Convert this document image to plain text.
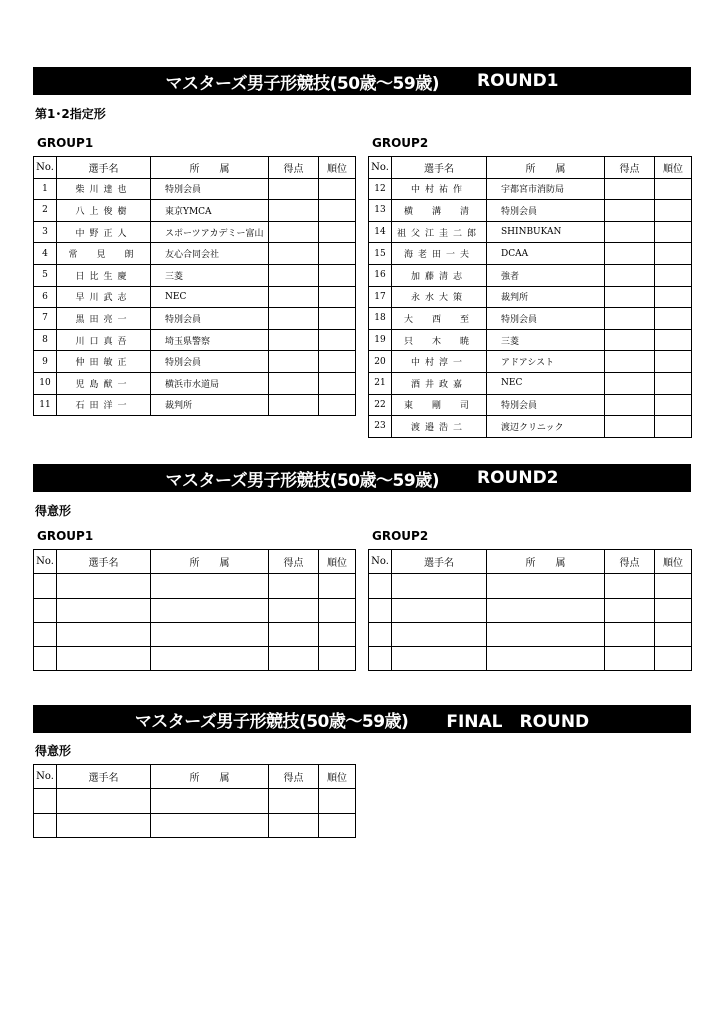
マスターズ男子形競技(50歳～59歳) ROUND1
第1･2指定形
GROUP1	GROUP2
No.	選手名	所　　属	得点	順位
1	柴川達也	特別会員		
2	八上俊樹	東京YMCA		
3	中野正人	スポーツアカデミー富山		
4	常　見　朗	友心合同会社		
5	日比生慶	三菱		
6	早川武志	NEC		
7	黒田亮一	特別会員		
8	川口真吾	埼玉県警察		
9	仲田敏正	特別会員		
10	児島猷一	横浜市水道局		
11	石田洋一	裁判所		
No.	選手名	所　　属	得点	順位
12	中村祐作	宇都宮市消防局		
13	横　溝　清	特別会員		
14	祖父江圭二郎	SHINBUKAN		
15	海老田一夫	DCAA		
16	加藤清志	強者		
17	永水大策	裁判所		
18	大　西　至	特別会員		
19	只　木　暁	三菱		
20	中村淳一	アドアシスト		
21	酒井政嘉	NEC		
22	東　剛　司	特別会員		
23	渡邉浩二	渡辺クリニック		
マスターズ男子形競技(50歳～59歳) ROUND2
得意形
GROUP1	GROUP2
No.	選手名	所　　属	得点	順位

				No.	選手名	所　　属	得点	順位

マスターズ男子形競技(50歳～59歳) FINAL　ROUND
得意形
No.	選手名	所　　属	得点	順位
